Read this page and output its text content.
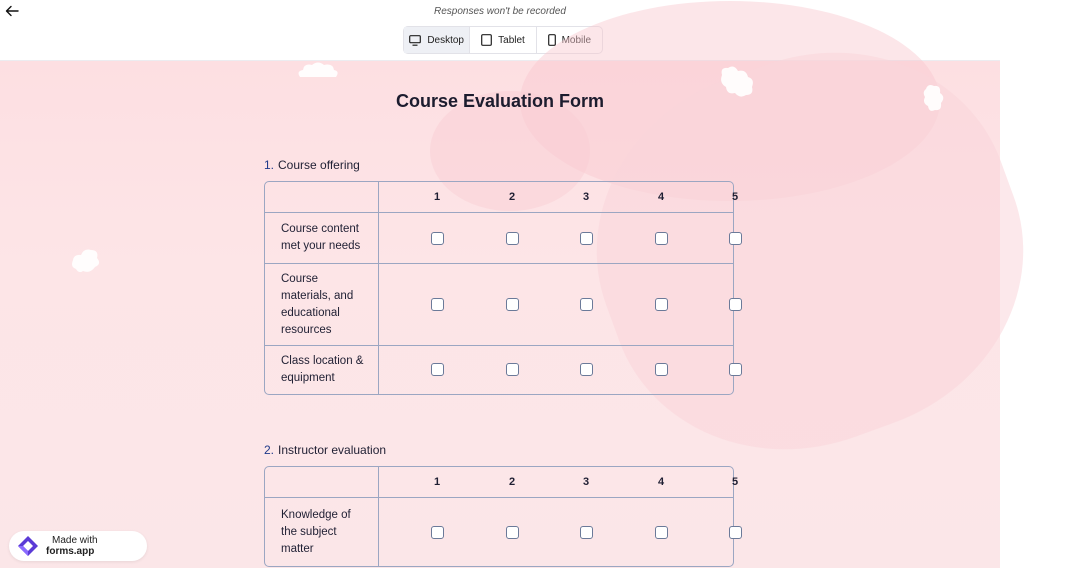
Responses won't be recorded
Desktop	Tablet	Mobile
Course Evaluation Form
1. Course offering
1	2	3	4	5
Course content met your needs
Course materials, and educational resources
Class location & equipment
2. Instructor evaluation
1	2	3	4	5
Knowledge of the subject matter
Made with forms.app
